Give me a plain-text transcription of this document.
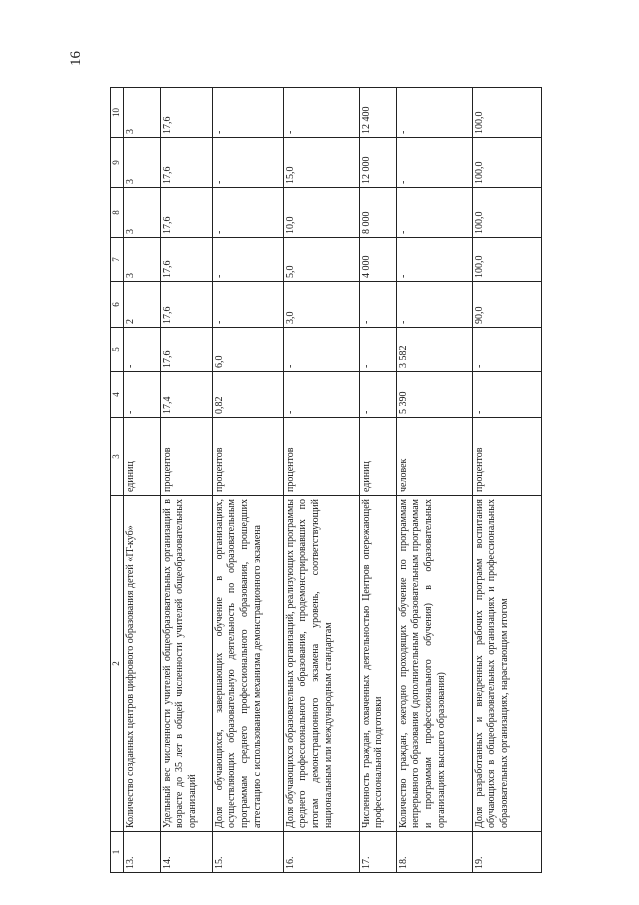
16
1	2	3	4	5	6	7	8	9	10
13.	Количество созданных центров цифрового образования детей «IT-куб»	единиц	-	-	2	3	3	3	3
14.	Удельный вес численности учителей общеобразовательных организаций в возрасте до 35 лет в общей численности учителей общеобразовательных организаций	процентов	17,4	17,6	17,6	17,6	17,6	17,6	17,6
15.	Доля обучающихся, завершающих обучение в организациях, осуществляющих образовательную деятельность по образовательным программам среднего профессионального образования, прошедших аттестацию с использованием механизма демонстрационного экзамена	процентов	0,82	6,0	-	-	-	-	-
16.	Доля обучающихся образовательных организаций, реализующих программы среднего профессионального образования, продемонстрировавших по итогам демонстрационного экзамена уровень, соответствующий национальным или международным стандартам	процентов	-	-	3,0	5,0	10,0	15,0	-
17.	Численность граждан, охваченных деятельностью Центров опережающей профессиональной подготовки	единиц	-	-	-	4 000	8 000	12 000	12 400
18.	Количество граждан, ежегодно проходящих обучение по программам непрерывного образования (дополнительным образовательным программам и программам профессионального обучения) в образовательных организациях высшего образования)	человек	5 390	3 582	-	-	-	-	-
19.	Доля разработанных и внедренных рабочих программ воспитания обучающихся в общеобразовательных организациях и профессиональных образовательных организациях, нарастающим итогом	процентов	-	-	90,0	100,0	100,0	100,0	100,0
